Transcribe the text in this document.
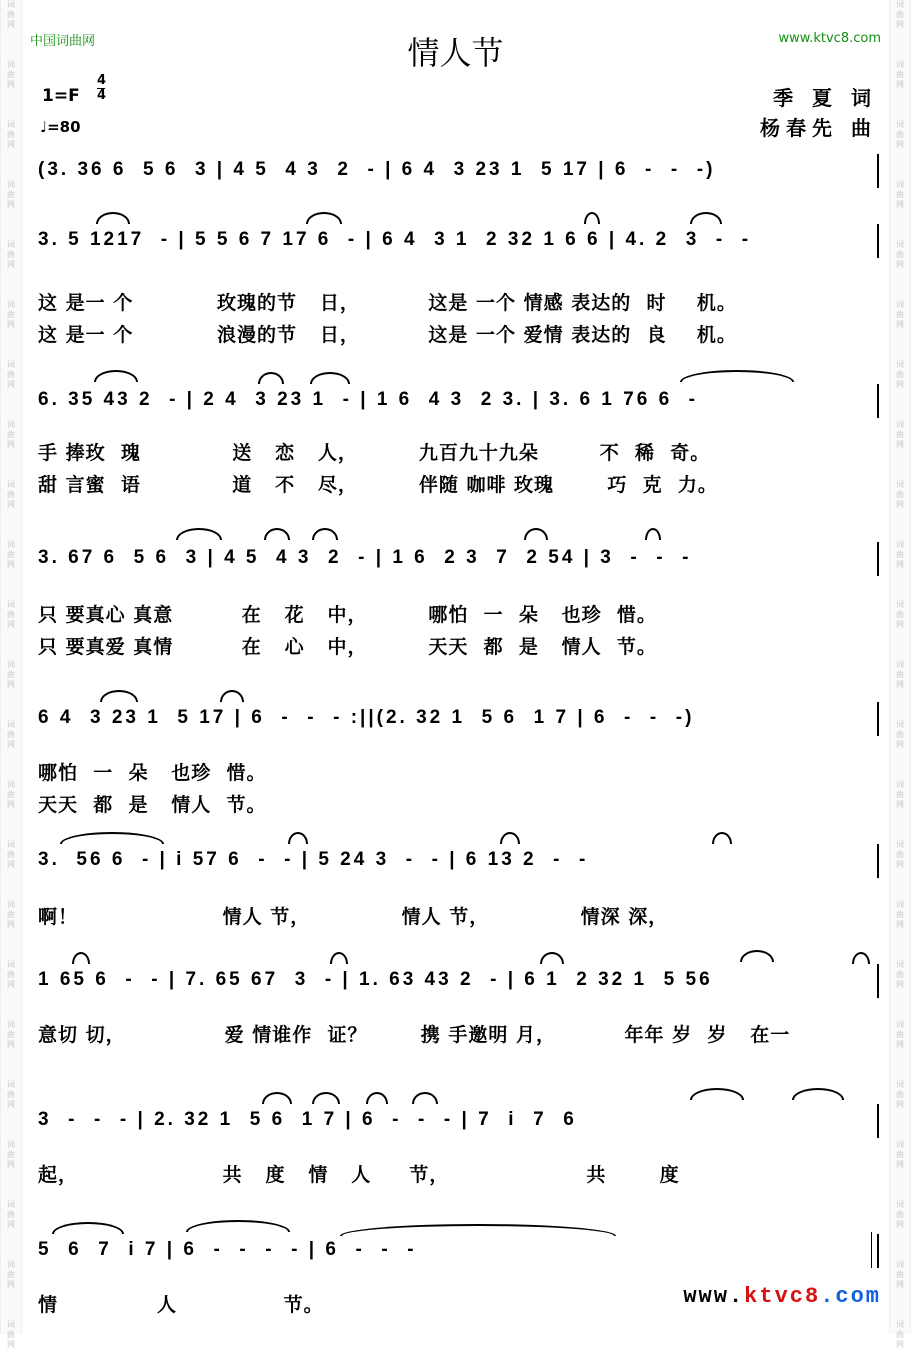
词
曲
网
词
曲
网
词
曲
网
词
曲
网
词
曲
网
词
曲
网
词
曲
网
词
曲
网
词
曲
网
词
曲
网
词
曲
网
词
曲
网
词
曲
网
词
曲
网
词
曲
网
词
曲
网
词
曲
网
词
曲
网
词
曲
网
词
曲
网
词
曲
网
词
曲
网
词
曲
网
词
曲
网
词
曲
网
词
曲
网
词
曲
网
词
曲
网
词
曲
网
词
曲
网
词
曲
网
词
曲
网
词
曲
网
词
曲
网
词
曲
网
词
曲
网
词
曲
网
词
曲
网
词
曲
网
词
曲
网
词
曲
网
词
曲
网
词
曲
网
词
曲
网
词
曲
网
词
曲
网
中国词曲网	www.ktvc8.com
情人节
1=F
4
4
♩=80
季 夏 词
杨春先 曲
(3. 36 6  5 6  3 | 4 5  4 3  2  - | 6 4  3 23 1  5 17 | 6  -  -  -)
3. 5 1217  - | 5 5 6 7 17 6  - | 6 4  3 1  2 32 1 6 6 | 4. 2  3  -  -
这 是一 个           玫瑰的节   日，         这是 一个 情感 表达的  时    机。
这 是一 个           浪漫的节   日，         这是 一个 爱情 表达的  良    机。
6. 35 43 2  - | 2 4  3 23 1  - | 1 6  4 3  2 3. | 3. 6 1 76 6  -
手 捧玫  瑰            送   恋   人，        九百九十九朵        不  稀  奇。
甜 言蜜  语            道   不   尽，        伴随 咖啡 玫瑰       巧  克  力。
3. 67 6  5 6  3 | 4 5  4 3  2  - | 1 6  2 3  7  2 54 | 3  -  -  -
只 要真心 真意         在   花   中，        哪怕  一  朵   也珍  惜。
只 要真爱 真情         在   心   中，        天天  都  是   情人  节。
6 4  3 23 1  5 17 | 6  -  -  - :||(2. 32 1  5 6  1 7 | 6  -  -  -)
哪怕  一  朵   也珍  惜。
天天  都  是   情人  节。
3.  56 6  - | i 57 6  -  - | 5 24 3  -  - | 6 13 2  -  -
啊！                   情人 节，            情人 节，            情深 深，
1 65 6  -  - | 7. 65 67  3  - | 1. 63 43 2  - | 6 1  2 32 1  5 56
意切 切，             爱 情谁作  证？       携 手邀明 月，         年年 岁  岁   在一
3  -  -  - | 2. 32 1  5 6  1 7 | 6  -  -  - | 7  i  7  6
起，                   共   度   情   人     节，                  共       度
5  6  7  i 7 | 6  -  -  -  - | 6  -  -  -
情             人              节。	www.ktvc8.com
